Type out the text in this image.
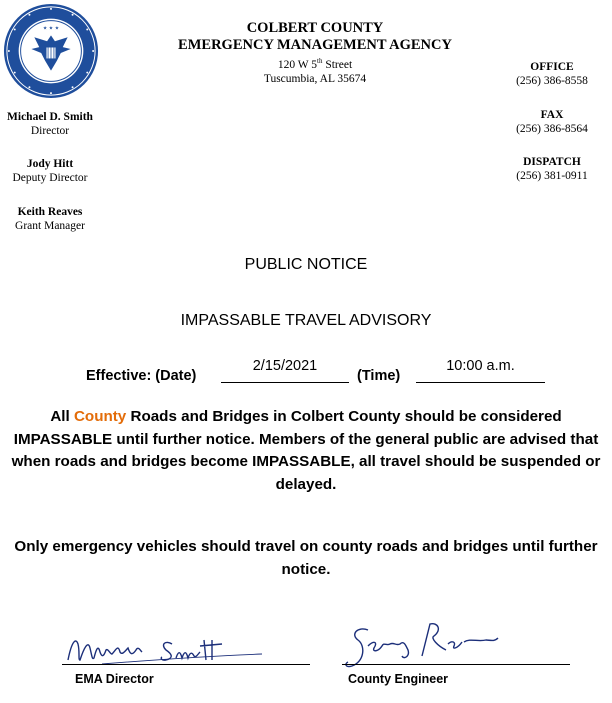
★ ★ ★	COLBERT COUNTY
EMERGENCY MANAGEMENT AGENCY
120 W 5th Street
Tuscumbia, AL 35674
Michael D. Smith
Director
Jody Hitt
Deputy Director
Keith Reaves
Grant Manager
OFFICE
(256) 386-8558
FAX
(256) 386-8564
DISPATCH
(256) 381-0911
PUBLIC NOTICE
IMPASSABLE TRAVEL ADVISORY
Effective: (Date)
2/15/2021
(Time)
10:00 a.m.
All County Roads and Bridges in Colbert County should be considered IMPASSABLE until further notice. Members of the general public are advised that when roads and bridges become IMPASSABLE, all travel should be suspended or delayed.
Only emergency vehicles should travel on county roads and bridges until further notice.
EMA Director	County Engineer
